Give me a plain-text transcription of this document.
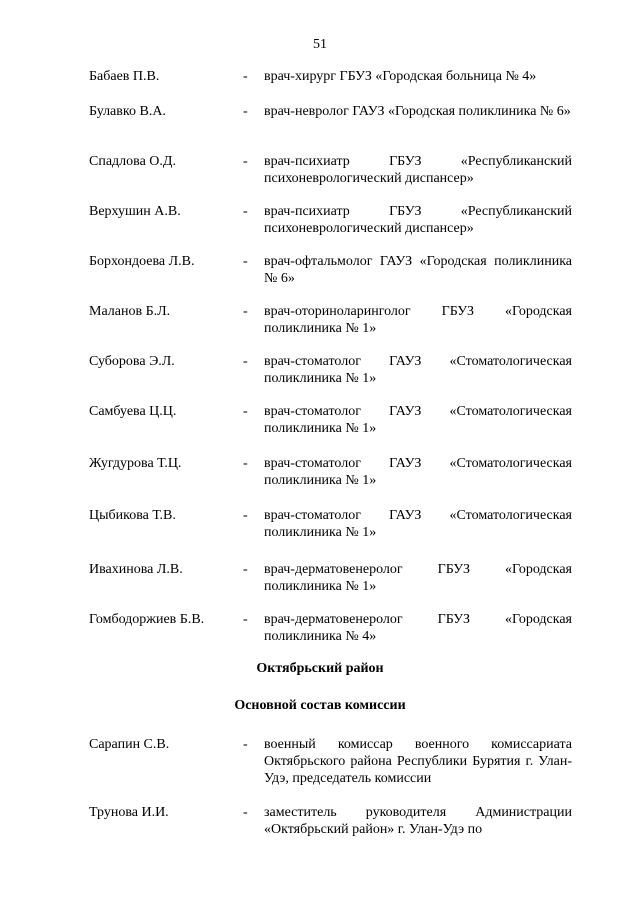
51
Бабаев П.В.	- врач-хирург ГБУЗ «Городская больница № 4»
Булавко В.А.	- врач-невролог ГАУЗ «Городская поликлиника № 6»
Спадлова О.Д.	- врач-психиатр ГБУЗ «Республиканский психоневрологический диспансер»
Верхушин А.В.	- врач-психиатр ГБУЗ «Республиканский психоневрологический диспансер»
Борхондоева Л.В.	- врач-офтальмолог ГАУЗ «Городская поликлиника № 6»
Маланов Б.Л.	- врач-оториноларинголог ГБУЗ «Городская поликлиника № 1»
Суборова Э.Л.	- врач-стоматолог ГАУЗ «Стоматологическая поликлиника № 1»
Самбуева Ц.Ц.	- врач-стоматолог ГАУЗ «Стоматологическая поликлиника № 1»
Жугдурова Т.Ц.	- врач-стоматолог ГАУЗ «Стоматологическая поликлиника № 1»
Цыбикова Т.В.	- врач-стоматолог ГАУЗ «Стоматологическая поликлиника № 1»
Ивахинова Л.В.	- врач-дерматовенеролог ГБУЗ «Городская поликлиника № 1»
Гомбодоржиев Б.В.	- врач-дерматовенеролог ГБУЗ «Городская поликлиника № 4»
Октябрьский район
Основной состав комиссии
Сарапин С.В.	- военный комиссар военного комиссариата Октябрьского района Республики Бурятия г. Улан-Удэ, председатель комиссии
Трунова И.И.	- заместитель руководителя Администрации «Октябрьский район» г. Улан-Удэ по
